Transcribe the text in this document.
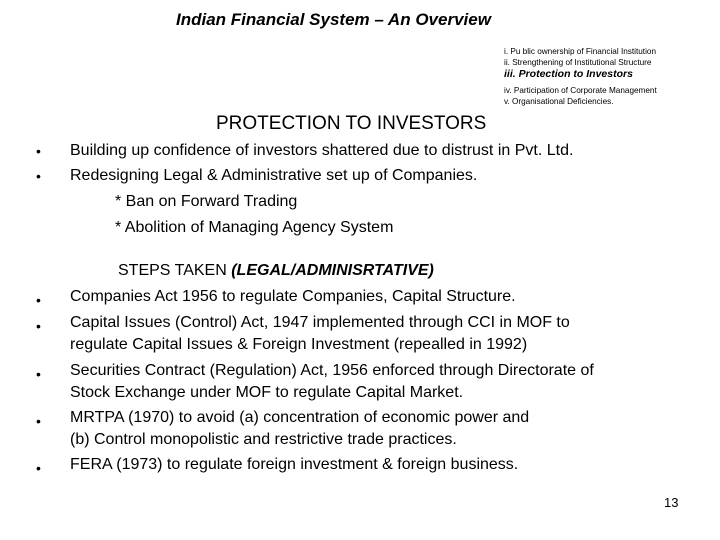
Indian Financial System – An Overview
i. Pu blic ownership of Financial Institution
ii. Strengthening of Institutional Structure
iii. Protection to Investors
iv. Participation of Corporate Management
v. Organisational Deficiencies.
PROTECTION TO INVESTORS
• Building up confidence of investors shattered due to distrust in Pvt. Ltd.
• Redesigning Legal & Administrative set up of Companies.
* Ban on Forward Trading
* Abolition of Managing Agency System
STEPS TAKEN (LEGAL/ADMINISRTATIVE)
• Companies Act 1956 to regulate Companies, Capital Structure.
• Capital Issues (Control) Act, 1947 implemented through CCI in MOF to
regulate Capital Issues & Foreign Investment (repealled in 1992)
• Securities Contract (Regulation) Act, 1956 enforced through Directorate of
Stock Exchange under MOF to regulate Capital Market.
• MRTPA (1970) to avoid (a) concentration of economic power and
(b) Control monopolistic and restrictive trade practices.
• FERA (1973) to regulate foreign investment & foreign business.
13
